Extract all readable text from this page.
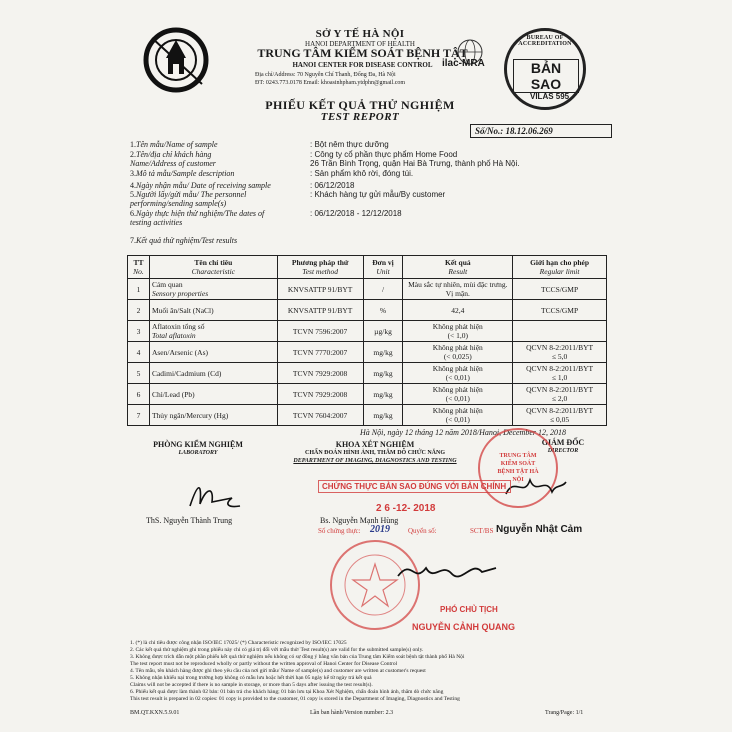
SỞ Y TẾ HÀ NỘI
HANOI DEPARTMENT OF HEALTH
TRUNG TÂM KIỂM SOÁT BỆNH TẬT
HANOI CENTER FOR DISEASE CONTROL
Địa chỉ/Address: 70 Nguyễn Chí Thanh, Đống Đa, Hà Nội
ĐT: 0243.773.0178 Email: khoasinhpham.ytdphn@gmail.com
ilac-MRA
BUREAU OF ACCREDITATION
BẢN SAO
VILAS 595
PHIẾU KẾT QUẢ THỬ NGHIỆM
TEST REPORT
Số/No.: 18.12.06.269
1.Tên mẫu/Name of sample	: Bột nêm thực dưỡng
2.Tên/địa chỉ khách hàng	: Công ty cổ phần thực phẩm Home Food
Name/Address of customer	26 Trần Bình Trọng, quận Hai Bà Trưng, thành phố Hà Nội.
3.Mô tả mẫu/Sample description	: Sản phẩm khô rời, đóng túi.
4.Ngày nhận mẫu/ Date of receiving sample	: 06/12/2018
5.Người lấy/gửi mẫu/ The personnel	: Khách hàng tự gửi mẫu/By customer
performing/sending sample(s)
6.Ngày thực hiện thử nghiệm/The dates of	: 06/12/2018 - 12/12/2018
testing activities
7.Kết quả thử nghiệm/Test results
TT
No.	Tên chỉ tiêu
Characteristic	Phương pháp thử
Test method	Đơn vị
Unit	Kết quả
Result	Giới hạn cho phép
Regular limit
1	Cảm quan
Sensory properties	KNVSATTP 91/BYT	/	Màu sắc tự nhiên, mùi đặc trưng. Vị mặn.	TCCS/GMP
2	Muối ăn/Salt (NaCl)	KNVSATTP 91/BYT	%	42,4	TCCS/GMP
3	Aflatoxin tổng số
Total aflatoxin	TCVN 7596:2007	µg/kg	Không phát hiện
(< 1,0)	
4	Asen/Arsenic (As)	TCVN 7770:2007	mg/kg	Không phát hiện
(< 0,025)	QCVN 8-2:2011/BYT
≤ 5,0
5	Cadimi/Cadmium (Cd)	TCVN 7929:2008	mg/kg	Không phát hiện
(< 0,01)	QCVN 8-2:2011/BYT
≤ 1,0
6	Chì/Lead (Pb)	TCVN 7929:2008	mg/kg	Không phát hiện
(< 0,01)	QCVN 8-2:2011/BYT
≤ 2,0
7	Thủy ngân/Mercury (Hg)	TCVN 7604:2007	mg/kg	Không phát hiện
(< 0,01)	QCVN 8-2:2011/BYT
≤ 0,05
Hà Nội, ngày 12 tháng 12 năm 2018/Hanoi, December 12, 2018
PHÒNG KIỂM NGHIỆM
LABORATORY
KHOA XÉT NGHIỆM
CHẨN ĐOÁN HÌNH ẢNH, THĂM DÒ CHỨC NĂNG
DEPARTMENT OF IMAGING, DIAGNOSTICS AND TESTING
GIÁM ĐỐC
DIRECTOR
TRUNG TÂM KIỂM SOÁT BỆNH TẬT HÀ NỘI
ThS. Nguyễn Thành Trung	Bs. Nguyễn Mạnh Hùng
Nguyễn Nhật Cảm
CHỨNG THỰC BẢN SAO ĐÚNG VỚI BẢN CHÍNH
2 6 -12- 2018
Số chứng thực: 2019	Quyển số:	SCT/BS
PHÓ CHỦ TỊCH
NGUYỄN CẢNH QUANG
1. (*) là chỉ tiêu được công nhận ISO/IEC 17025/ (*) Characteristic recognized by ISO/IEC 17025
2. Các kết quả thử nghiệm ghi trong phiếu này chỉ có giá trị đối với mẫu thử/ Test result(s) are valid for the submitted sample(s) only.
3. Không được trích dẫn một phần phiếu kết quả thử nghiệm nếu không có sự đồng ý bằng văn bản của Trung tâm Kiểm soát bệnh tật thành phố Hà Nội
The test report must not be reproduced wholly or partly without the written approval of Hanoi Center for Disease Control
4. Tên mẫu, tên khách hàng được ghi theo yêu cầu của nơi gửi mẫu/ Name of sample(s) and customer are written at customer's request
5. Không nhận khiếu nại trong trường hợp không có mẫu lưu hoặc hết thời hạn 05 ngày kể từ ngày trả kết quả
Claims will not be accepted if there is no sample in storage, or more than 5 days after issuing the test result(s).
6. Phiếu kết quả được làm thành 02 bản: 01 bản trả cho khách hàng; 01 bản lưu tại Khoa Xét Nghiệm, chẩn đoán hình ảnh, thăm dò chức năng
This test result is prepared in 02 copies: 01 copy is provided to the customer, 01 copy is stored in the Department of Imaging, Diagnostics and Testing
BM.QT.KXN.5.9.01	Lần ban hành/Version number: 2.3	Trang/Page: 1/1
